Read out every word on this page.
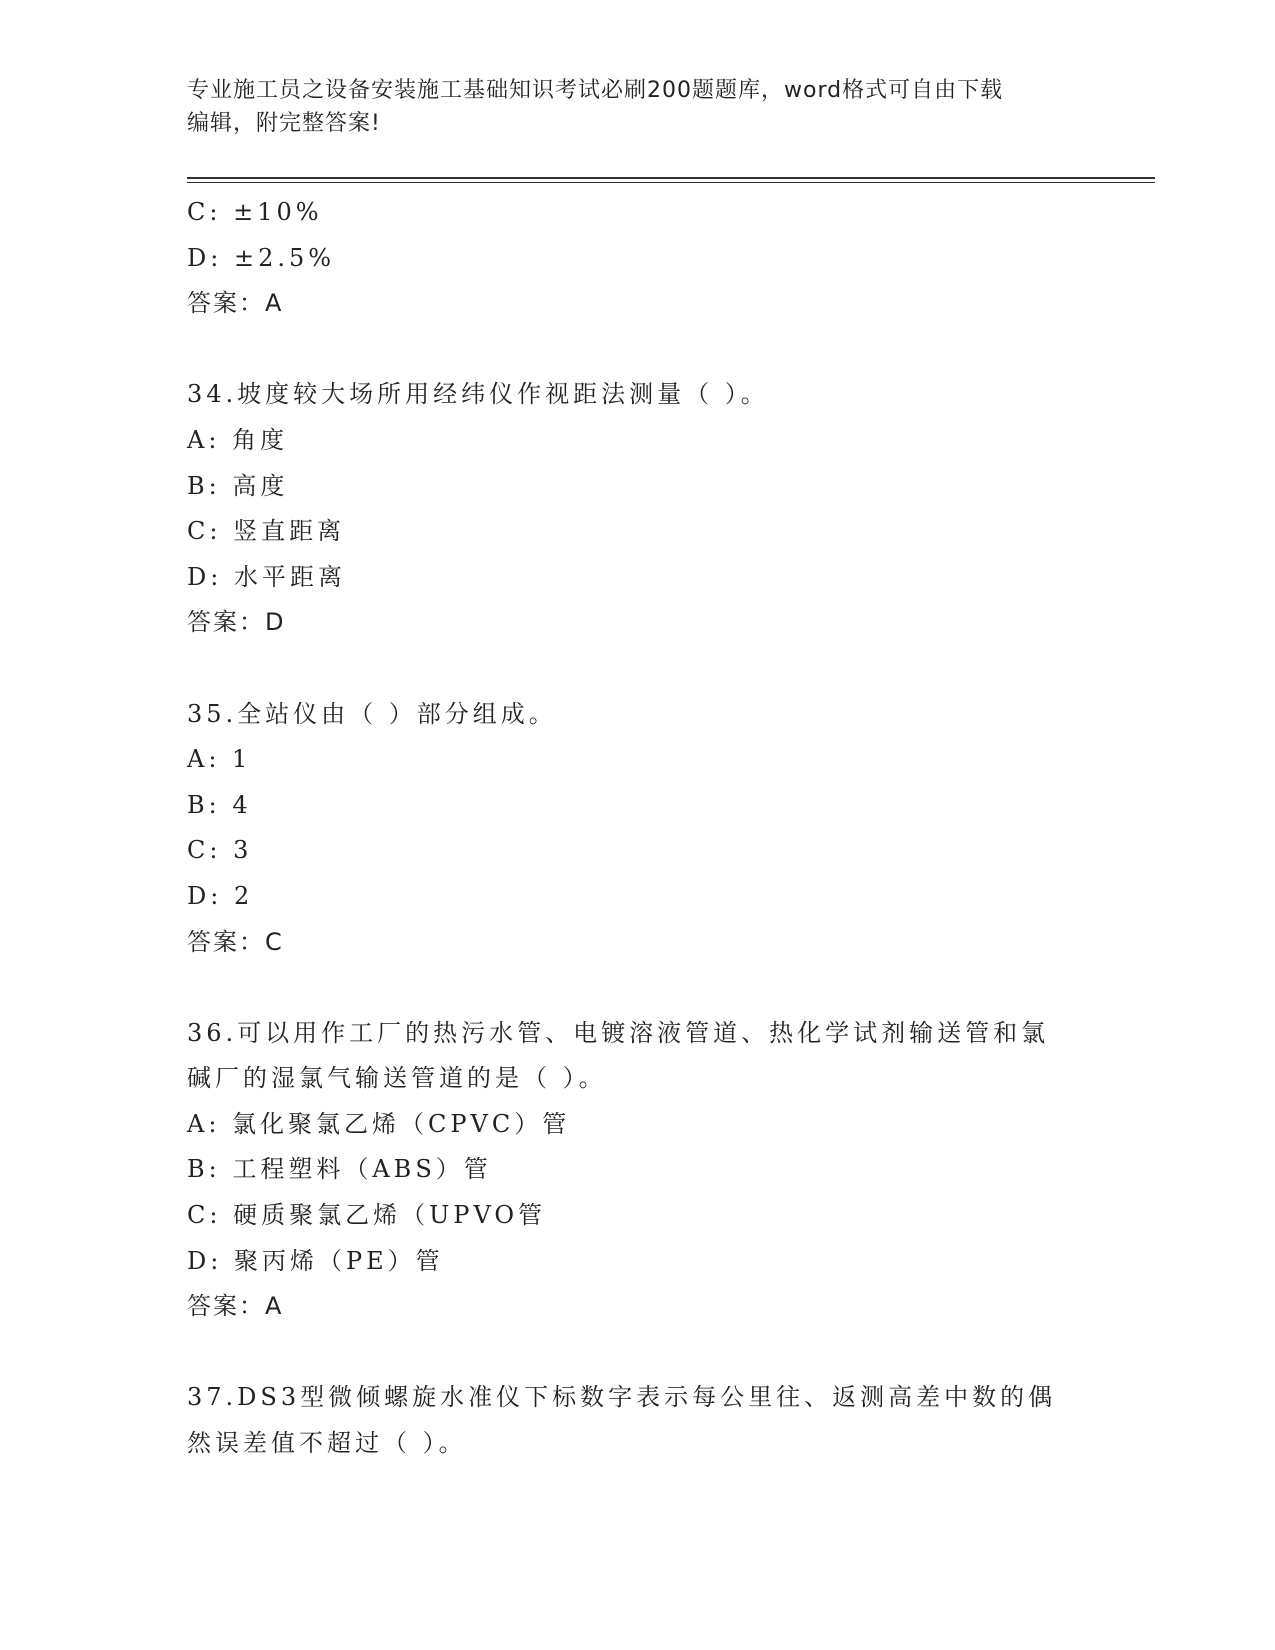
专业施工员之设备安装施工基础知识考试必刷200题题库，word格式可自由下载
编辑，附完整答案!
C: ±10%
D: ±2.5%
答案：A
34.坡度较大场所用经纬仪作视距法测量（ ）。
A: 角度
B: 高度
C: 竖直距离
D: 水平距离
答案：D
35.全站仪由（ ）部分组成。
A: 1
B: 4
C: 3
D: 2
答案：C
36.可以用作工厂的热污水管、电镀溶液管道、热化学试剂输送管和氯
碱厂的湿氯气输送管道的是（ ）。
A: 氯化聚氯乙烯（CPVC）管
B: 工程塑料（ABS）管
C: 硬质聚氯乙烯（UPVO管
D: 聚丙烯（PE）管
答案：A
37.DS3型微倾螺旋水准仪下标数字表示每公里往、返测高差中数的偶
然误差值不超过（ ）。
